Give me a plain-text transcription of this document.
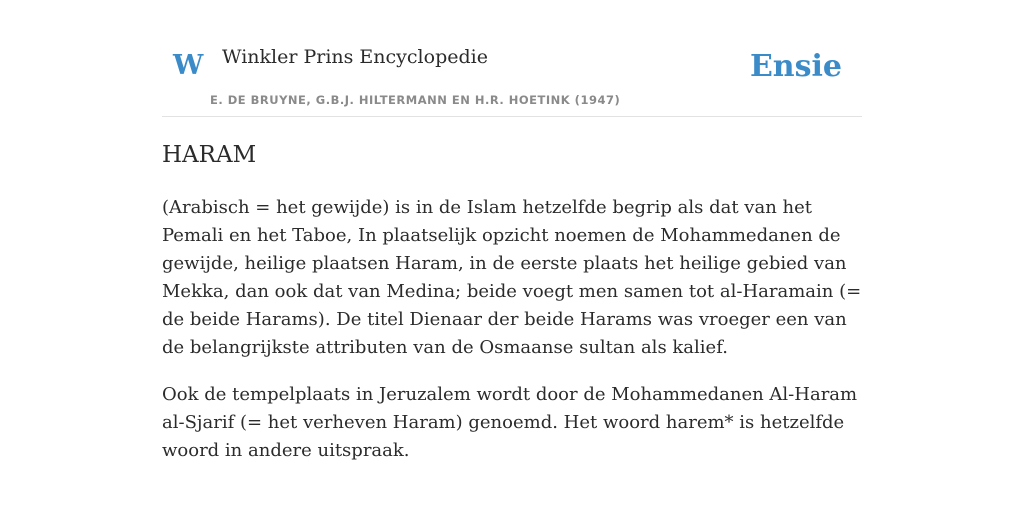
W Winkler Prins Encyclopedie
E. DE BRUYNE, G.B.J. HILTERMANN EN H.R. HOETINK (1947)
Ensie
HARAM

(Arabisch = het gewijde) is in de Islam hetzelfde begrip als dat van het Pemali en het Taboe, In plaatselijk opzicht noemen de Mohammedanen de gewijde, heilige plaatsen Haram, in de eerste plaats het heilige gebied van Mekka, dan ook dat van Medina; beide voegt men samen tot al-Haramain (= de beide Harams). De titel Dienaar der beide Harams was vroeger een van de belangrijkste attributen van de Osmaanse sultan als kalief.

Ook de tempelplaats in Jeruzalem wordt door de Mohammedanen Al-Haram al-Sjarif (= het verheven Haram) genoemd. Het woord harem* is hetzelfde woord in andere uitspraak.
